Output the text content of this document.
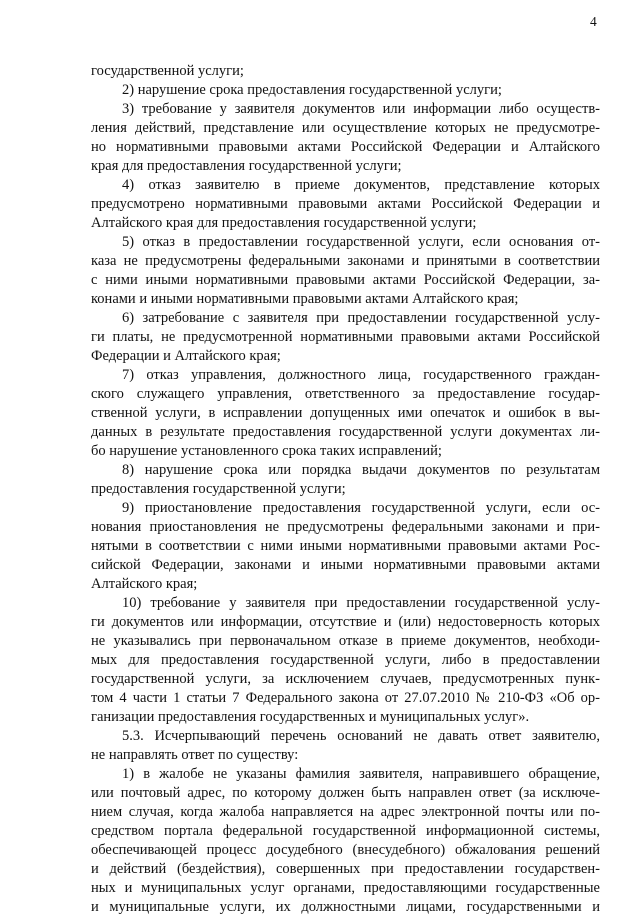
4
государственной услуги;
2) нарушение срока предоставления государственной услуги;
3) требование у заявителя документов или информации либо осуществ-
ления действий, представление или осуществление которых не предусмотре-
но нормативными правовыми актами Российской Федерации и Алтайского
края для предоставления государственной услуги;
4) отказ заявителю в приеме документов, представление которых
предусмотрено нормативными правовыми актами Российской Федерации и
Алтайского края для предоставления государственной услуги;
5) отказ в предоставлении государственной услуги, если основания от-
каза не предусмотрены федеральными законами и принятыми в соответствии
с ними иными нормативными правовыми актами Российской Федерации, за-
конами и иными нормативными правовыми актами Алтайского края;
6) затребование с заявителя при предоставлении государственной услу-
ги платы, не предусмотренной нормативными правовыми актами Российской
Федерации и Алтайского края;
7) отказ управления, должностного лица, государственного граждан-
ского служащего управления, ответственного за предоставление государ-
ственной услуги, в исправлении допущенных ими опечаток и ошибок в вы-
данных в результате предоставления государственной услуги документах ли-
бо нарушение установленного срока таких исправлений;
8) нарушение срока или порядка выдачи документов по результатам
предоставления государственной услуги;
9) приостановление предоставления государственной услуги, если ос-
нования приостановления не предусмотрены федеральными законами и при-
нятыми в соответствии с ними иными нормативными правовыми актами Рос-
сийской Федерации, законами и иными нормативными правовыми актами
Алтайского края;
10) требование у заявителя при предоставлении государственной услу-
ги документов или информации, отсутствие и (или) недостоверность которых
не указывались при первоначальном отказе в приеме документов, необходи-
мых для предоставления государственной услуги, либо в предоставлении
государственной услуги, за исключением случаев, предусмотренных пунк-
том 4 части 1 статьи 7 Федерального закона от 27.07.2010 № 210-ФЗ «Об ор-
ганизации предоставления государственных и муниципальных услуг».
5.3. Исчерпывающий перечень оснований не давать ответ заявителю,
не направлять ответ по существу:
1) в жалобе не указаны фамилия заявителя, направившего обращение,
или почтовый адрес, по которому должен быть направлен ответ (за исключе-
нием случая, когда жалоба направляется на адрес электронной почты или по-
средством портала федеральной государственной информационной системы,
обеспечивающей процесс досудебного (внесудебного) обжалования решений
и действий (бездействия), совершенных при предоставлении государствен-
ных и муниципальных услуг органами, предоставляющими государственные
и муниципальные услуги, их должностными лицами, государственными и
